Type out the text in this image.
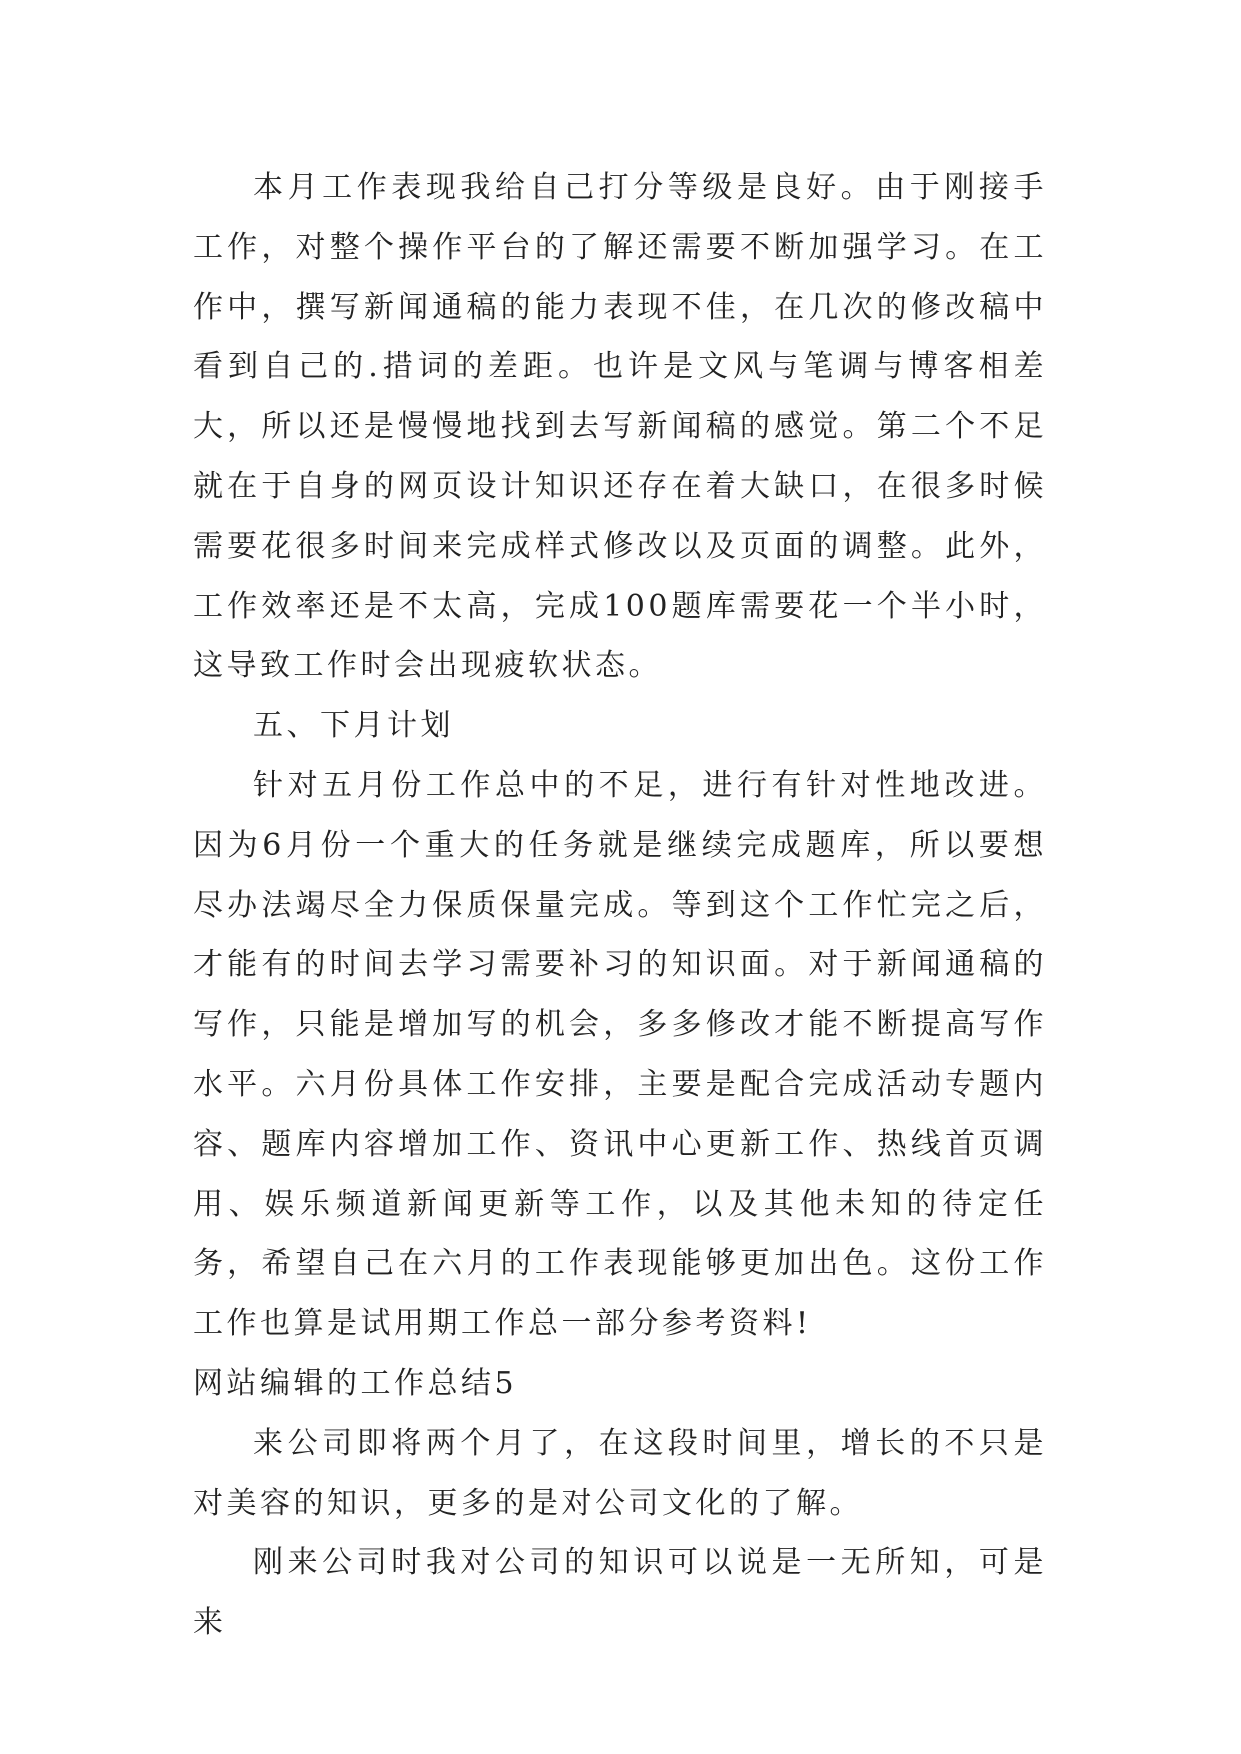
本月工作表现我给自己打分等级是良好。由于刚接手工作，对整个操作平台的了解还需要不断加强学习。在工作中，撰写新闻通稿的能力表现不佳，在几次的修改稿中看到自己的.措词的差距。也许是文风与笔调与博客相差大，所以还是慢慢地找到去写新闻稿的感觉。第二个不足就在于自身的网页设计知识还存在着大缺口，在很多时候需要花很多时间来完成样式修改以及页面的调整。此外，工作效率还是不太高，完成100题库需要花一个半小时，这导致工作时会出现疲软状态。

五、下月计划

针对五月份工作总中的不足，进行有针对性地改进。因为6月份一个重大的任务就是继续完成题库，所以要想尽办法竭尽全力保质保量完成。等到这个工作忙完之后，才能有的时间去学习需要补习的知识面。对于新闻通稿的写作，只能是增加写的机会，多多修改才能不断提高写作水平。六月份具体工作安排，主要是配合完成活动专题内容、题库内容增加工作、资讯中心更新工作、热线首页调用、娱乐频道新闻更新等工作，以及其他未知的待定任务，希望自己在六月的工作表现能够更加出色。这份工作工作也算是试用期工作总一部分参考资料!

网站编辑的工作总结5

来公司即将两个月了，在这段时间里，增长的不只是对美容的知识，更多的是对公司文化的了解。

刚来公司时我对公司的知识可以说是一无所知，可是来
